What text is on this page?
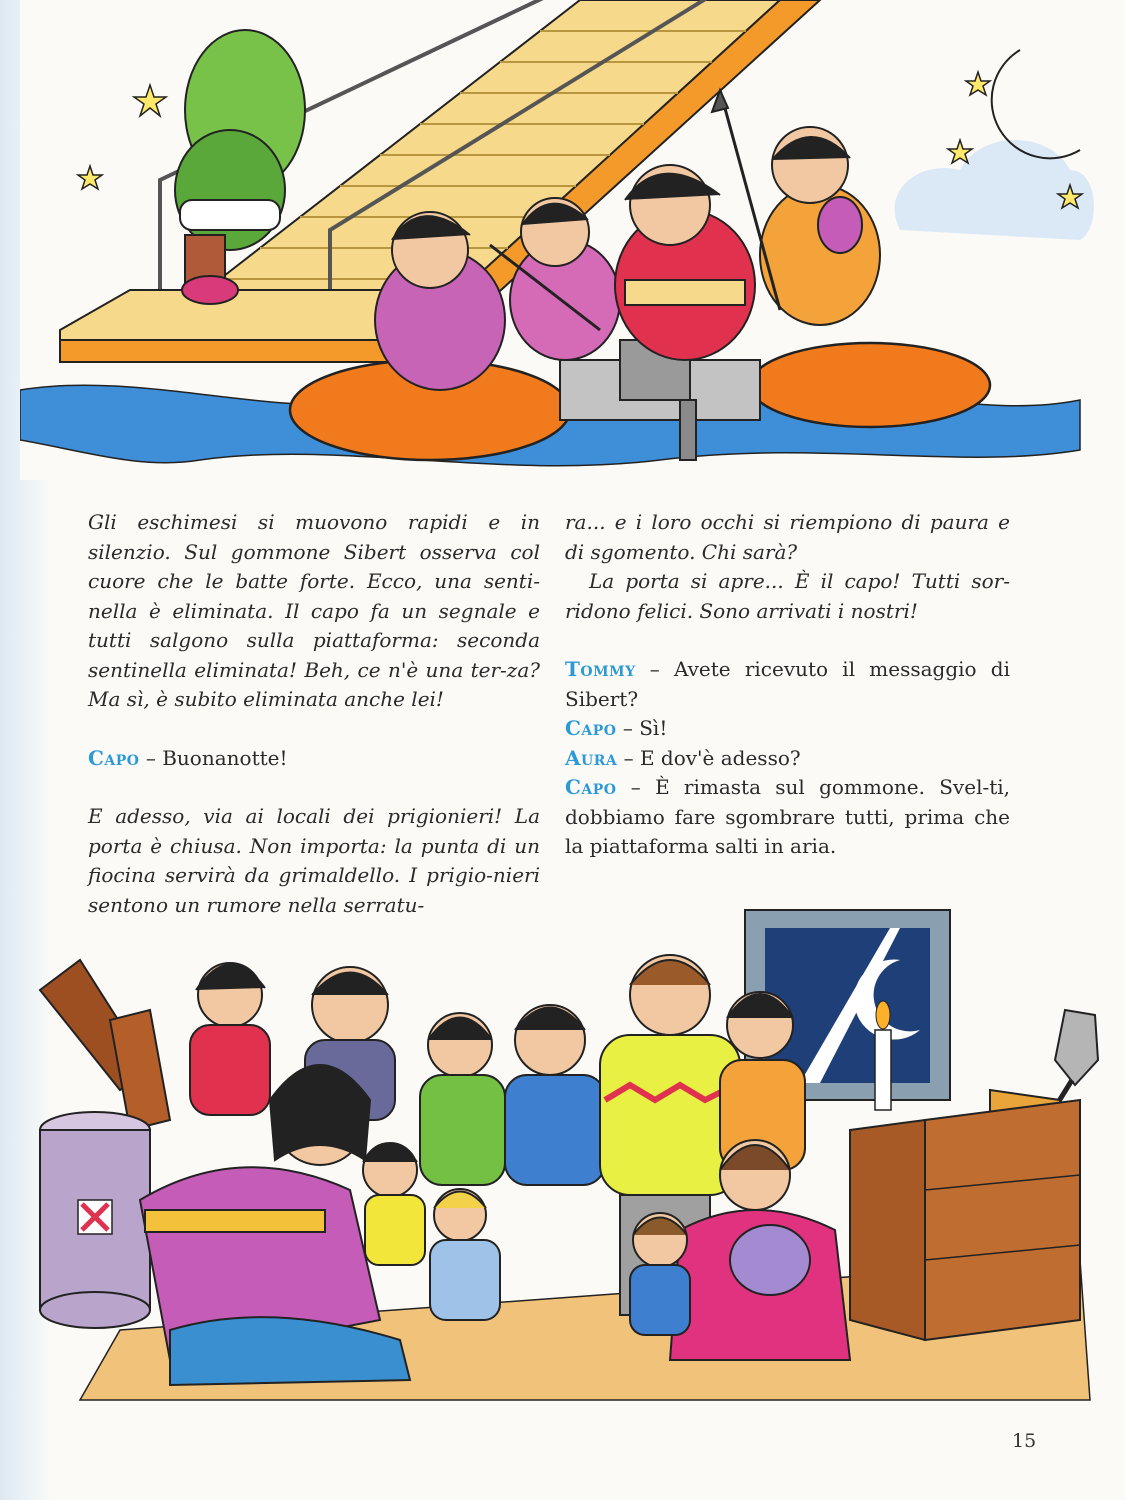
Gli eschimesi si muovono rapidi e in silenzio. Sul gommone Sibert osserva col cuore che le batte forte. Ecco, una senti-nella è eliminata. Il capo fa un segnale e tutti salgono sulla piattaforma: seconda sentinella eliminata! Beh, ce n'è una ter-za? Ma sì, è subito eliminata anche lei!

Capo – Buonanotte!

E adesso, via ai locali dei prigionieri! La porta è chiusa. Non importa: la punta di un fiocina servirà da grimaldello. I prigio-nieri sentono un rumore nella serratu-

ra... e i loro occhi si riempiono di paura e di sgomento. Chi sarà?

La porta si apre... È il capo! Tutti sor-ridono felici. Sono arrivati i nostri!

Tommy – Avete ricevuto il messaggio di Sibert?

Capo – Sì!

Aura – E dov'è adesso?

Capo – È rimasta sul gommone. Svel-ti, dobbiamo fare sgombrare tutti, prima che la piattaforma salti in aria.

15
